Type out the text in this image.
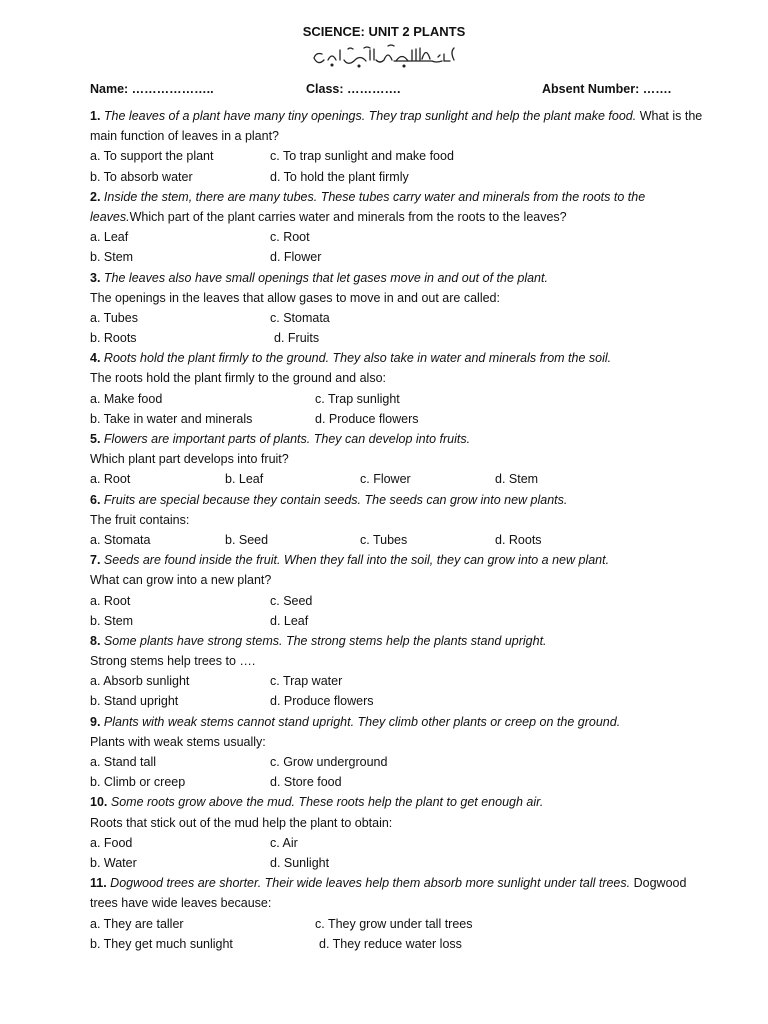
SCIENCE: UNIT 2 PLANTS
Name: ………………..	Class: ………….	Absent Number: …….
1. The leaves of a plant have many tiny openings. They trap sunlight and help the plant make food. What is the
main function of leaves in a plant?
a. To support the plant	c. To trap sunlight and make food
b. To absorb water	d. To hold the plant firmly
2. Inside the stem, there are many tubes. These tubes carry water and minerals from the roots to the
leaves.Which part of the plant carries water and minerals from the roots to the leaves?
a. Leaf	c. Root
b. Stem	d. Flower
3. The leaves also have small openings that let gases move in and out of the plant.
The openings in the leaves that allow gases to move in and out are called:
a. Tubes	c. Stomata
b. Roots	d. Fruits
4. Roots hold the plant firmly to the ground. They also take in water and minerals from the soil.
The roots hold the plant firmly to the ground and also:
a. Make food	c. Trap sunlight
b. Take in water and minerals	d. Produce flowers
5. Flowers are important parts of plants. They can develop into fruits.
Which plant part develops into fruit?
a. Root	b. Leaf	c. Flower	d. Stem
6. Fruits are special because they contain seeds. The seeds can grow into new plants.
The fruit contains:
a. Stomata	b. Seed	c. Tubes	d. Roots
7. Seeds are found inside the fruit. When they fall into the soil, they can grow into a new plant.
What can grow into a new plant?
a. Root	c. Seed
b. Stem	d. Leaf
8. Some plants have strong stems. The strong stems help the plants stand upright.
Strong stems help trees to ….
a. Absorb sunlight	c. Trap water
b. Stand upright	d. Produce flowers
9. Plants with weak stems cannot stand upright. They climb other plants or creep on the ground.
Plants with weak stems usually:
a. Stand tall	c. Grow underground
b. Climb or creep	d. Store food
10. Some roots grow above the mud. These roots help the plant to get enough air.
Roots that stick out of the mud help the plant to obtain:
a. Food	c. Air
b. Water	d. Sunlight
11. Dogwood trees are shorter. Their wide leaves help them absorb more sunlight under tall trees. Dogwood
trees have wide leaves because:
a. They are taller	c. They grow under tall trees
b. They get much sunlight	d. They reduce water loss
